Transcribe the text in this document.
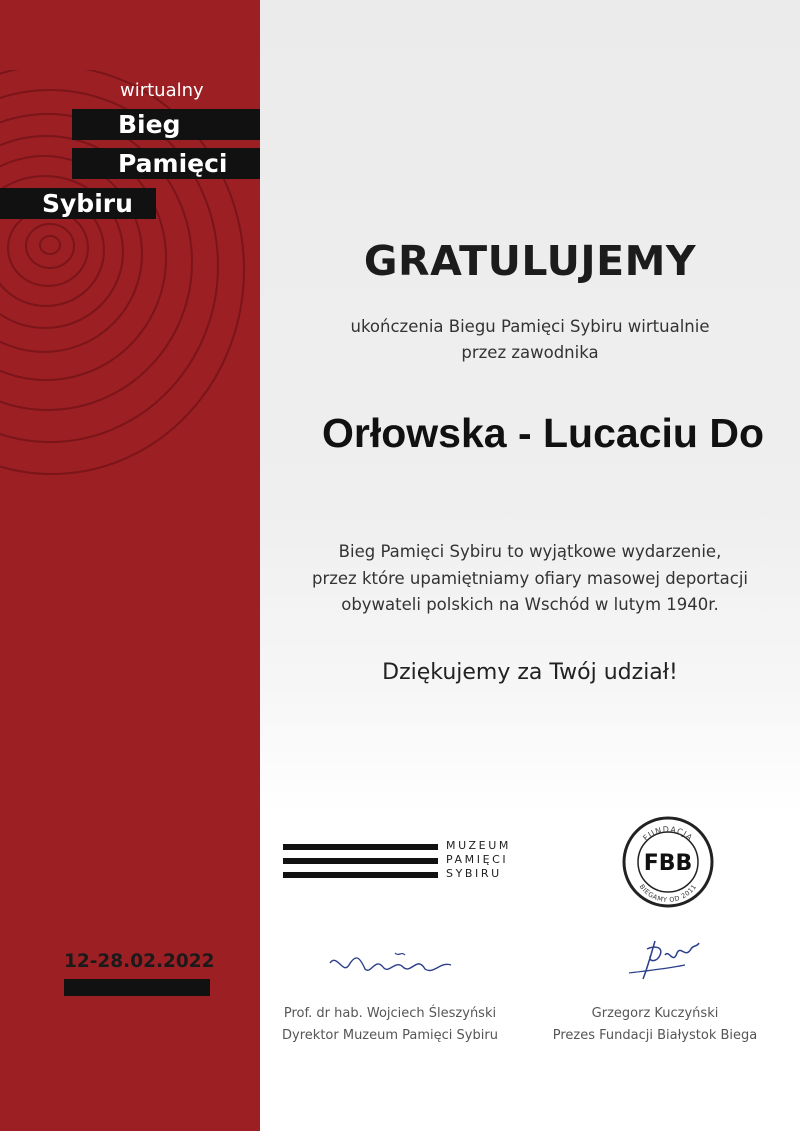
wirtualny
Bieg
Pamięci
Sybiru
12-28.02.2022
GRATULUJEMY
ukończenia Biegu Pamięci Sybiru wirtualnie
przez zawodnika
Orłowska - Lucaciu Do
Bieg Pamięci Sybiru to wyjątkowe wydarzenie,
przez które upamiętniamy ofiary masowej deportacji
obywateli polskich na Wschód w lutym 1940r.
Dziękujemy za Twój udział!
MUZEUM
PAMIĘCI
SYBIRU
FUNDACJA
FBB
BIEGAMY OD 2011
Prof. dr hab. Wojciech Śleszyński
Dyrektor Muzeum Pamięci Sybiru
Grzegorz Kuczyński
Prezes Fundacji Białystok Biega
